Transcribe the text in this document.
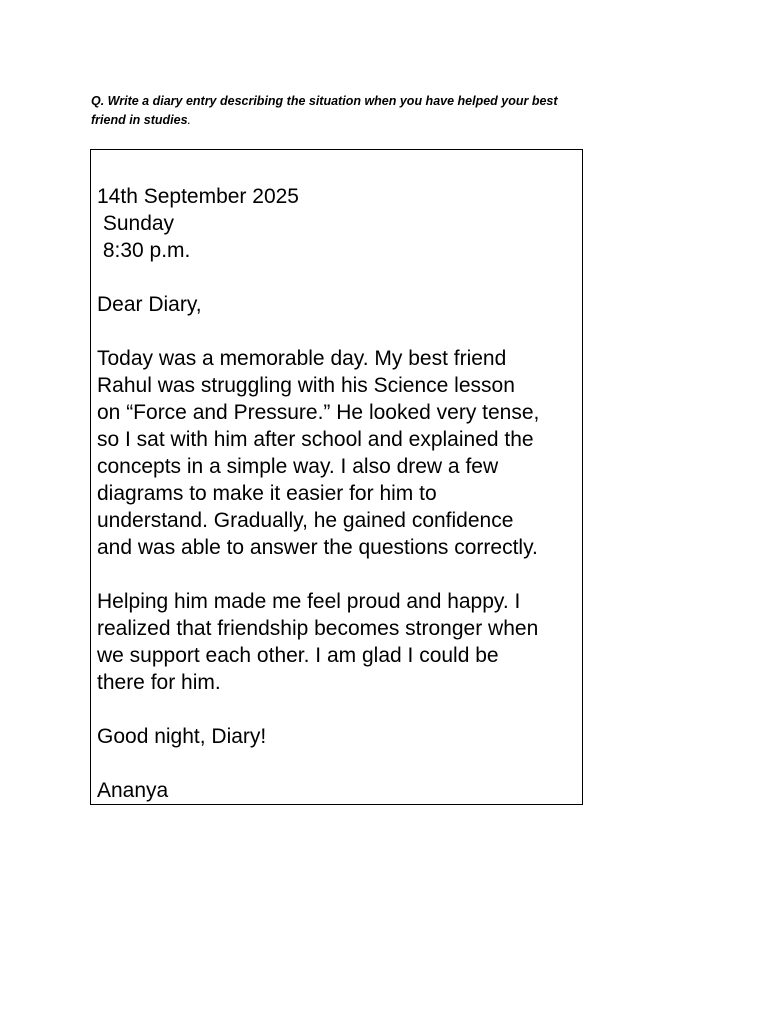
Q. Write a diary entry describing the situation when you have helped your best
friend in studies.
14th September 2025
Sunday
8:30 p.m.
Dear Diary,
Today was a memorable day. My best friend
Rahul was struggling with his Science lesson
on “Force and Pressure.” He looked very tense,
so I sat with him after school and explained the
concepts in a simple way. I also drew a few
diagrams to make it easier for him to
understand. Gradually, he gained confidence
and was able to answer the questions correctly.
Helping him made me feel proud and happy. I
realized that friendship becomes stronger when
we support each other. I am glad I could be
there for him.
Good night, Diary!
Ananya
